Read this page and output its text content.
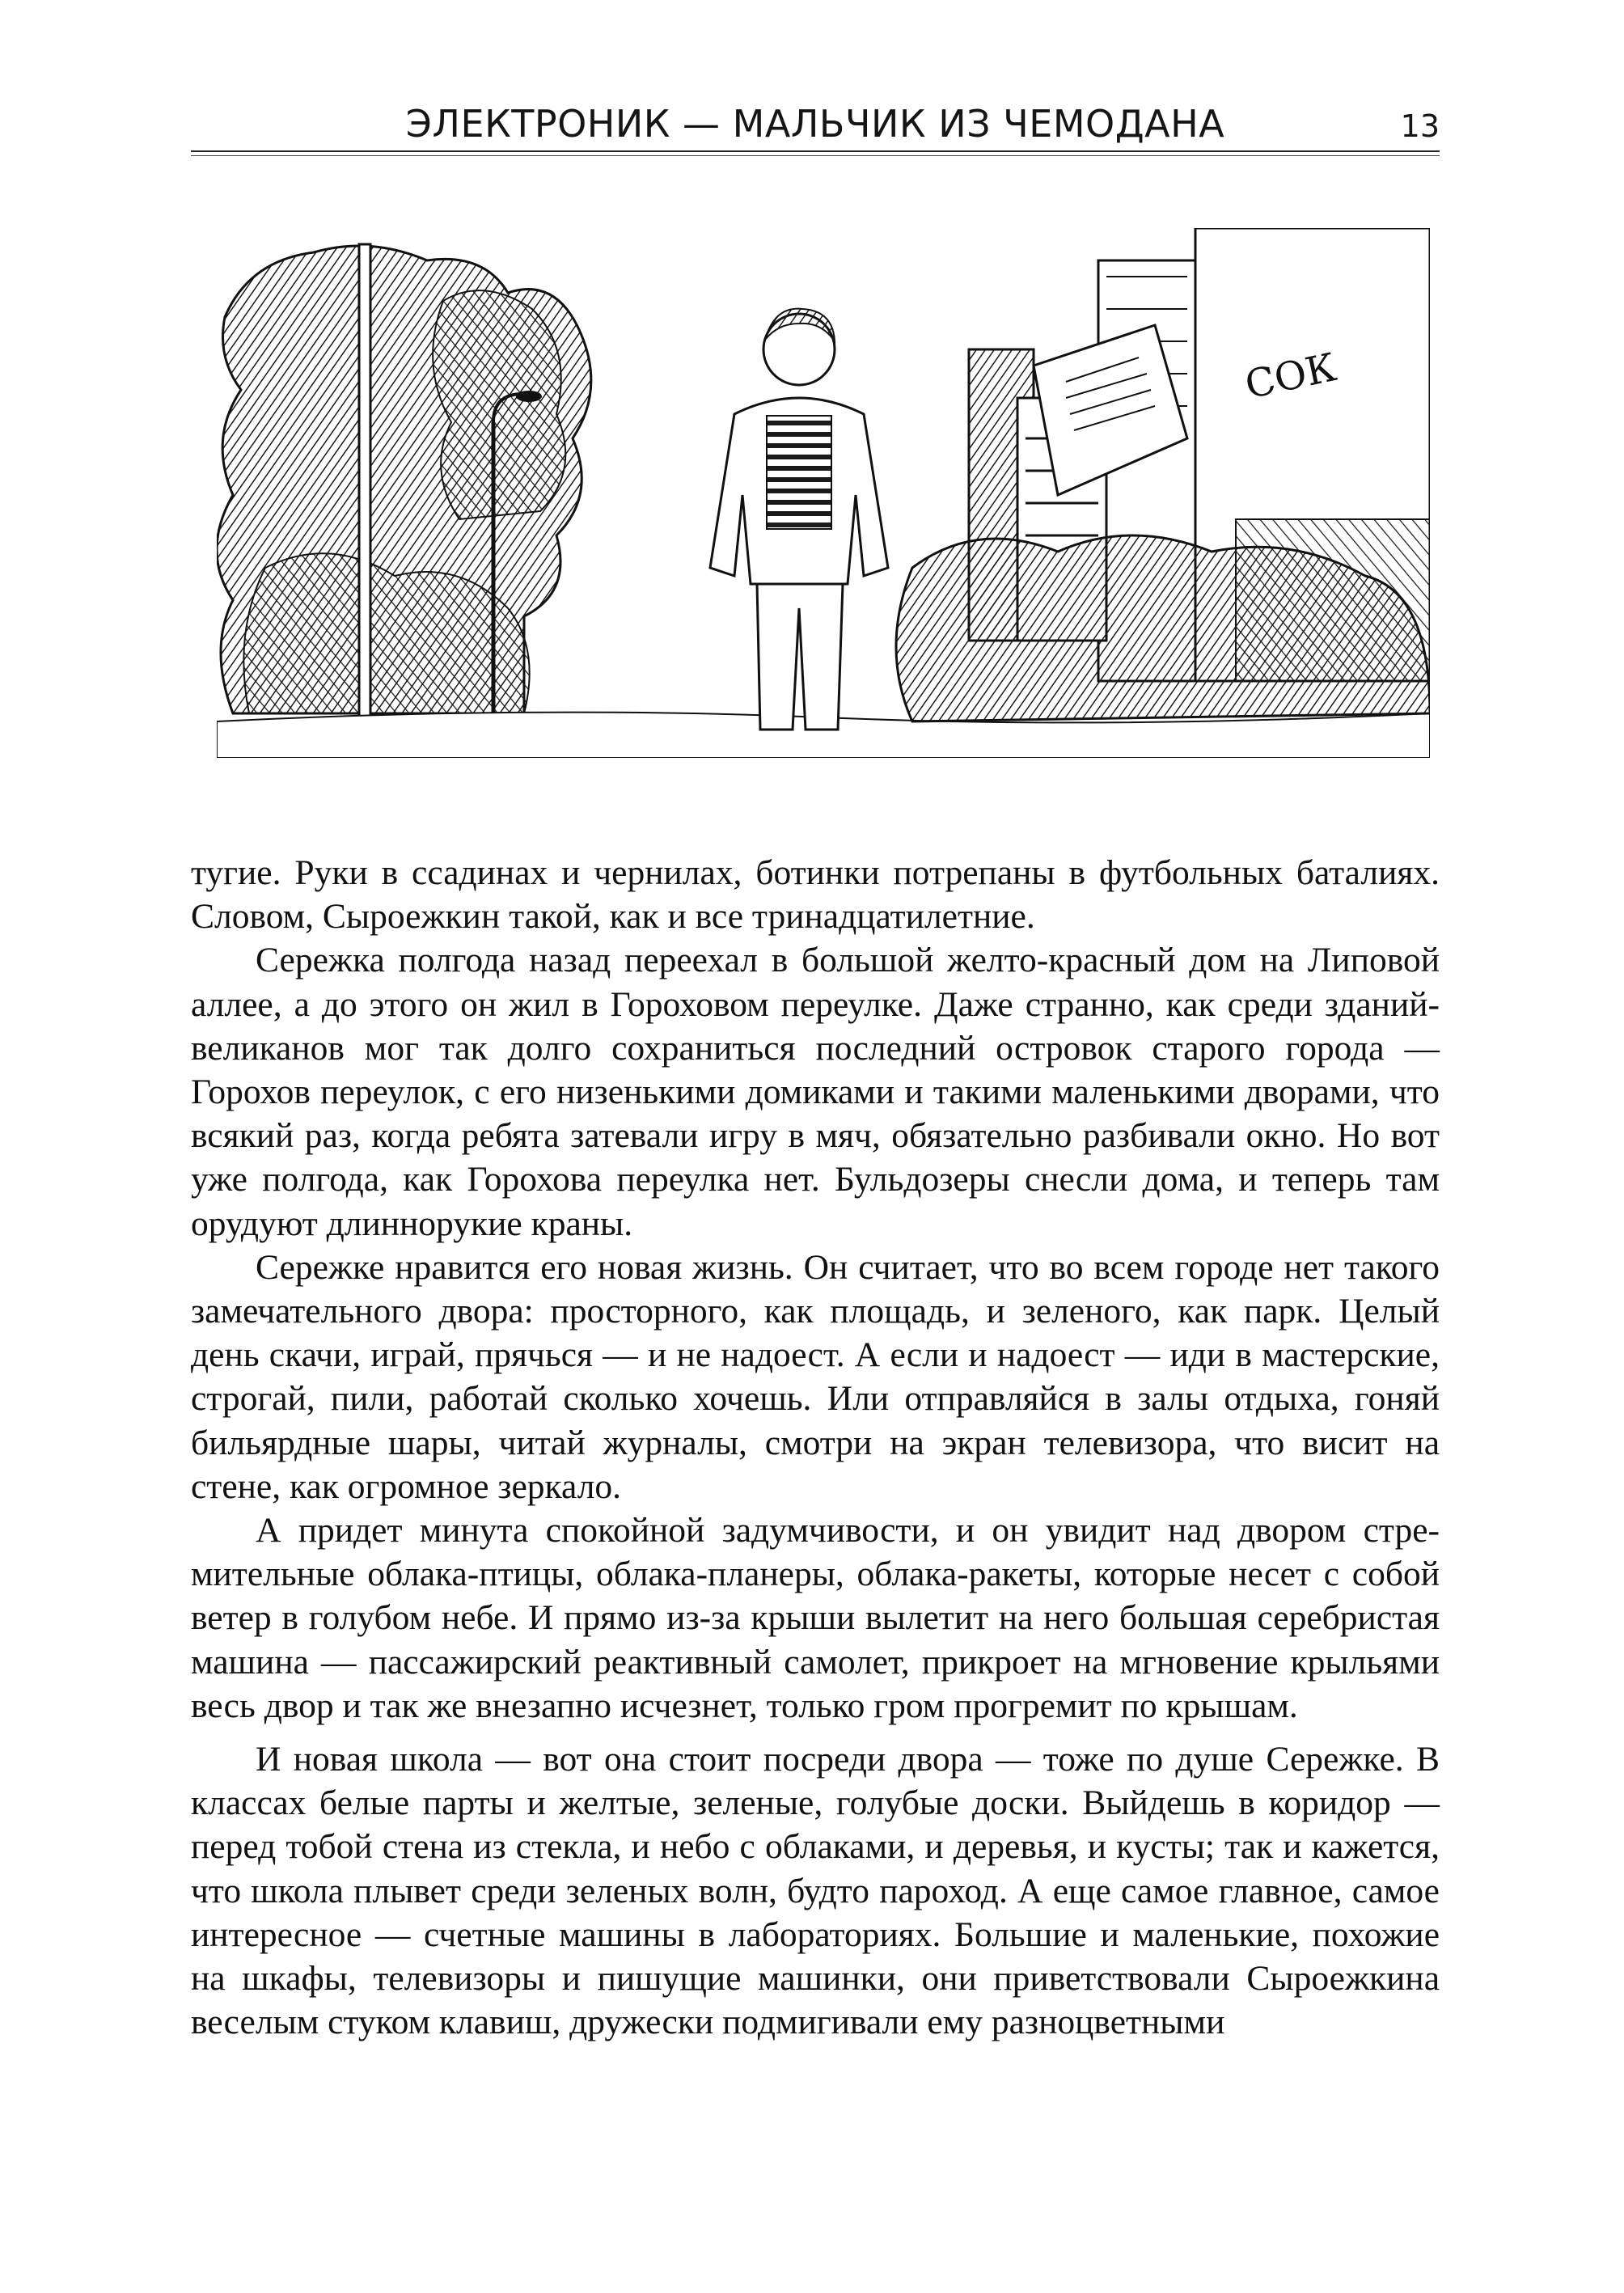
ЭЛЕКТРОНИК — МАЛЬЧИК ИЗ ЧЕМОДАНА	13
СОК

тугие. Руки в ссадинах и чернилах, ботинки потрепаны в футбольных баталиях. Словом, Сыроежкин такой, как и все тринадцатилетние.

Сережка полгода назад переехал в большой желто-красный дом на Липовой аллее, а до этого он жил в Гороховом переулке. Даже странно, как среди зданий-великанов мог так долго сохраниться последний островок старого города — Горохов переулок, с его низенькими домиками и такими маленькими дворами, что всякий раз, когда ребята затевали игру в мяч, обязательно разбивали окно. Но вот уже полгода, как Горохова переулка нет. Бульдозеры снесли дома, и теперь там орудуют длиннорукие краны.

Сережке нравится его новая жизнь. Он считает, что во всем городе нет такого замечательного двора: просторного, как площадь, и зеленого, как парк. Целый день скачи, играй, прячься — и не надоест. А если и надоест — иди в мастерские, строгай, пили, работай сколько хочешь. Или отправляйся в залы отдыха, гоняй бильярдные шары, читай журналы, смотри на экран телевизора, что висит на стене, как огромное зеркало.

А придет минута спокойной задумчивости, и он увидит над двором стремительные облака-птицы, облака-планеры, облака-ракеты, которые несет с собой ветер в голубом небе. И прямо из-за крыши вылетит на него большая серебристая машина — пассажирский реактивный самолет, прикроет на мгновение крыльями весь двор и так же внезапно исчезнет, только гром прогремит по крышам.

И новая школа — вот она стоит посреди двора — тоже по душе Сережке. В классах белые парты и желтые, зеленые, голубые доски. Выйдешь в коридор — перед тобой стена из стекла, и небо с облаками, и деревья, и кусты; так и кажется, что школа плывет среди зеленых волн, будто пароход. А еще самое главное, самое интересное — счетные машины в лабораториях. Большие и маленькие, похожие на шкафы, телевизоры и пишущие машинки, они приветствовали Сыроежкина веселым стуком клавиш, дружески подмигивали ему разноцветными
